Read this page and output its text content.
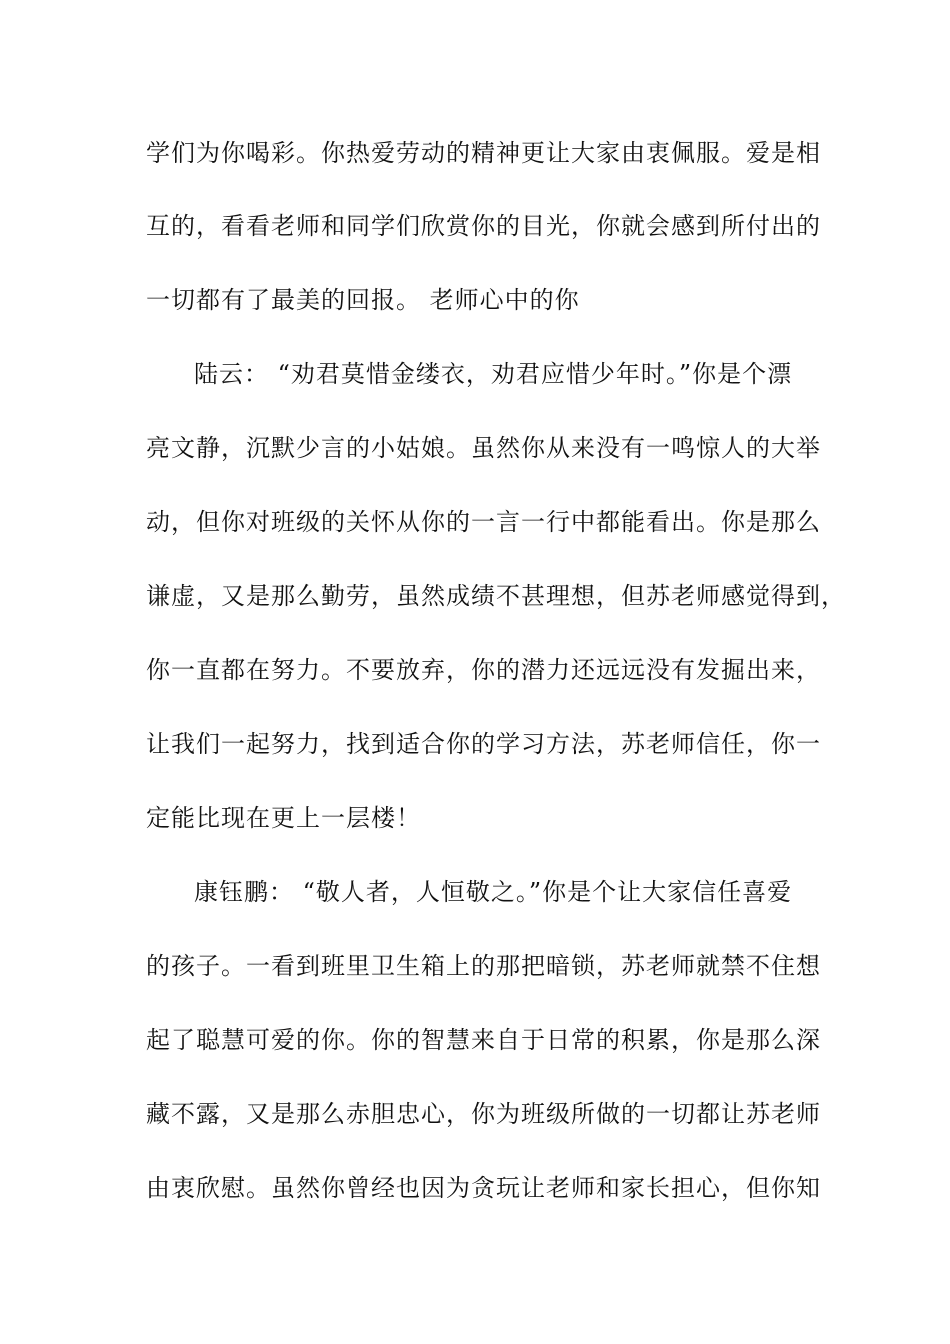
学们为你喝彩。你热爱劳动的精神更让大家由衷佩服。爱是相
互的，看看老师和同学们欣赏你的目光，你就会感到所付出的
一切都有了最美的回报。 老师心中的你
陆云： “劝君莫惜金缕衣，劝君应惜少年时。”你是个漂
亮文静，沉默少言的小姑娘。虽然你从来没有一鸣惊人的大举
动，但你对班级的关怀从你的一言一行中都能看出。你是那么
谦虚，又是那么勤劳，虽然成绩不甚理想，但苏老师感觉得到，
你一直都在努力。不要放弃，你的潜力还远远没有发掘出来，
让我们一起努力，找到适合你的学习方法，苏老师信任，你一
定能比现在更上一层楼！
康钰鹏： “敬人者，人恒敬之。”你是个让大家信任喜爱
的孩子。一看到班里卫生箱上的那把暗锁，苏老师就禁不住想
起了聪慧可爱的你。你的智慧来自于日常的积累，你是那么深
藏不露，又是那么赤胆忠心，你为班级所做的一切都让苏老师
由衷欣慰。虽然你曾经也因为贪玩让老师和家长担心，但你知
